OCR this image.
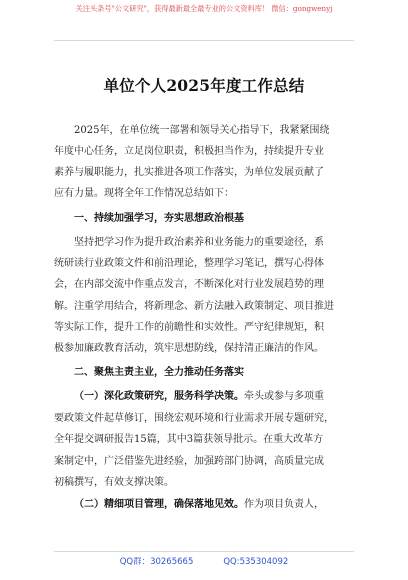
关注头条号"公文研究"，获得最新最全最专业的公文资料库！ 微信：gongwenyj
单位个人2025年度工作总结
2025年，在单位统一部署和领导关心指导下，我紧紧围绕
年度中心任务，立足岗位职责，积极担当作为，持续提升专业
素养与履职能力，扎实推进各项工作落实，为单位发展贡献了
应有力量。现将全年工作情况总结如下：
一、持续加强学习，夯实思想政治根基
坚持把学习作为提升政治素养和业务能力的重要途径，系
统研读行业政策文件和前沿理论，整理学习笔记，撰写心得体
会，在内部交流中作重点发言，不断深化对行业发展趋势的理
解。注重学用结合，将新理念、新方法融入政策制定、项目推进
等实际工作，提升工作的前瞻性和实效性。严守纪律规矩，积
极参加廉政教育活动，筑牢思想防线，保持清正廉洁的作风。
二、聚焦主责主业，全力推动任务落实
（一）深化政策研究，服务科学决策。牵头或参与多项重
要政策文件起草修订，围绕宏观环境和行业需求开展专题研究，
全年提交调研报告15篇，其中3篇获领导批示。在重大改革方
案制定中，广泛借鉴先进经验，加强跨部门协调，高质量完成
初稿撰写，有效支撑决策。
（二）精细项目管理，确保落地见效。作为项目负责人，
QQ群：30265665	QQ:535304092
